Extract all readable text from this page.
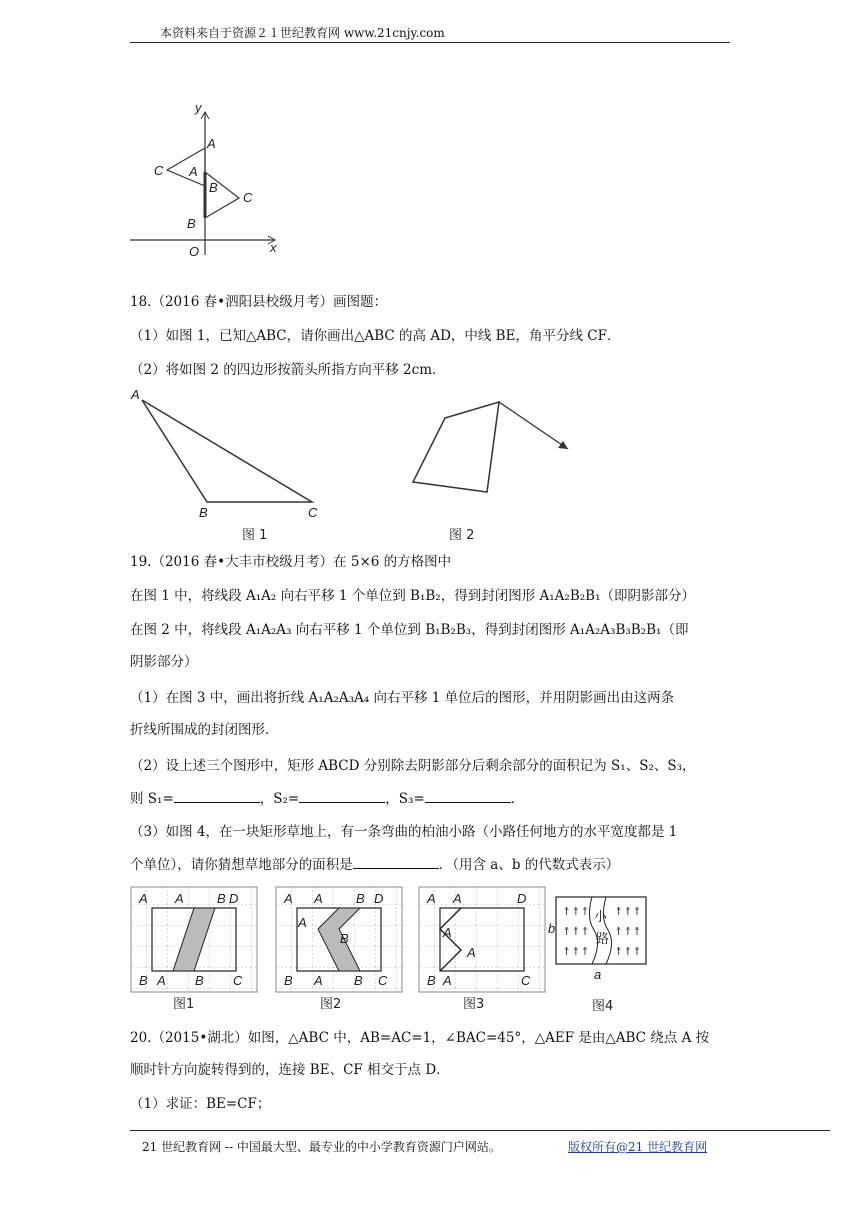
本资料来自于资源２１世纪教育网 www.21cnjy.com
y
x
O
A
C A
B
C
B
18.（2016 春•泗阳县校级月考）画图题：
（1）如图 1，已知△ABC，请你画出△ABC 的高 AD，中线 BE，角平分线 CF．
（2）将如图 2 的四边形按箭头所指方向平移 2cm．
A
B	C
图 1	图 2
19.（2016 春•大丰市校级月考）在 5×6 的方格图中
在图 1 中，将线段 A₁A₂ 向右平移 1 个单位到 B₁B₂，得到封闭图形 A₁A₂B₂B₁（即阴影部分）
在图 2 中，将线段 A₁A₂A₃ 向右平移 1 个单位到 B₁B₂B₃，得到封闭图形 A₁A₂A₃B₃B₂B₁（即
阴影部分）
（1）在图 3 中，画出将折线 A₁A₂A₃A₄ 向右平移 1 单位后的图形，并用阴影画出由这两条
折线所围成的封闭图形．
（2）设上述三个图形中，矩形 ABCD 分别除去阴影部分后剩余部分的面积记为 S₁、S₂、S₃，
则 S₁=	，S₂=	，S₃=	．
（3）如图 4，在一块矩形草地上，有一条弯曲的柏油小路（小路任何地方的水平宽度都是 1
个单位），请你猜想草地部分的面积是	．（用含 a、b 的代数式表示）
A A	B D
B A B C
图1
A A	B D
A
B
B A B C
图2
A A	D
A
A
B A	C
图3
↟↟↟
↟↟↟
↟↟↟
↟↟↟
↟↟↟
↟↟↟
小
路
b
a
图4
20.（2015•湖北）如图，△ABC 中，AB=AC=1，∠BAC=45°，△AEF 是由△ABC 绕点 A 按
顺时针方向旋转得到的，连接 BE、CF 相交于点 D．
（1）求证：BE=CF；
21 世纪教育网 -- 中国最大型、最专业的中小学教育资源门户网站。	版权所有@21 世纪教育网
